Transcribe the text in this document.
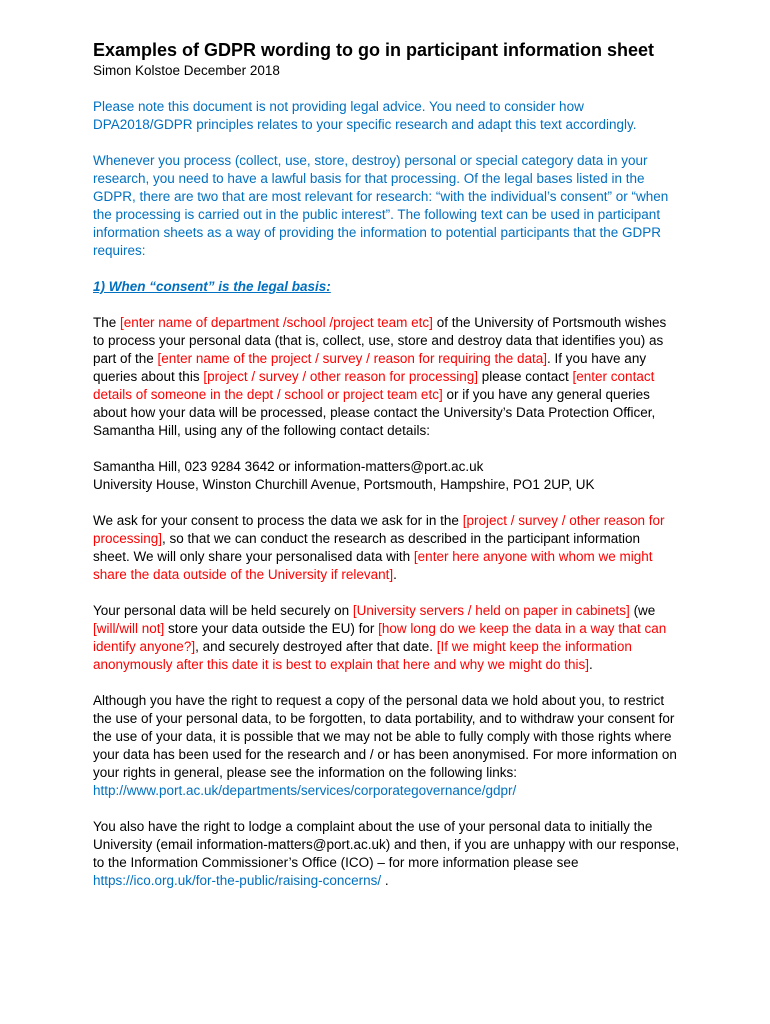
Examples of GDPR wording to go in participant information sheet
Simon Kolstoe December 2018

Please note this document is not providing legal advice. You need to consider how DPA2018/GDPR principles relates to your specific research and adapt this text accordingly.

Whenever you process (collect, use, store, destroy) personal or special category data in your research, you need to have a lawful basis for that processing. Of the legal bases listed in the GDPR, there are two that are most relevant for research: “with the individual’s consent” or “when the processing is carried out in the public interest”. The following text can be used in participant information sheets as a way of providing the information to potential participants that the GDPR requires:

1) When “consent” is the legal basis:

The [enter name of department /school /project team etc] of the University of Portsmouth wishes to process your personal data (that is, collect, use, store and destroy data that identifies you) as part of the [enter name of the project / survey / reason for requiring the data]. If you have any queries about this [project / survey / other reason for processing] please contact [enter contact details of someone in the dept / school or project team etc] or if you have any general queries about how your data will be processed, please contact the University’s Data Protection Officer, Samantha Hill, using any of the following contact details:

Samantha Hill, 023 9284 3642 or information-matters@port.ac.uk
University House, Winston Churchill Avenue, Portsmouth, Hampshire, PO1 2UP, UK

We ask for your consent to process the data we ask for in the [project / survey / other reason for processing], so that we can conduct the research as described in the participant information sheet. We will only share your personalised data with [enter here anyone with whom we might share the data outside of the University if relevant].

Your personal data will be held securely on [University servers / held on paper in cabinets] (we [will/will not] store your data outside the EU) for [how long do we keep the data in a way that can identify anyone?], and securely destroyed after that date. [If we might keep the information anonymously after this date it is best to explain that here and why we might do this].

Although you have the right to request a copy of the personal data we hold about you, to restrict the use of your personal data, to be forgotten, to data portability, and to withdraw your consent for the use of your data, it is possible that we may not be able to fully comply with those rights where your data has been used for the research and / or has been anonymised. For more information on your rights in general, please see the information on the following links:
http://www.port.ac.uk/departments/services/corporategovernance/gdpr/

You also have the right to lodge a complaint about the use of your personal data to initially the University (email information-matters@port.ac.uk) and then, if you are unhappy with our response, to the Information Commissioner’s Office (ICO) – for more information please see https://ico.org.uk/for-the-public/raising-concerns/ .
